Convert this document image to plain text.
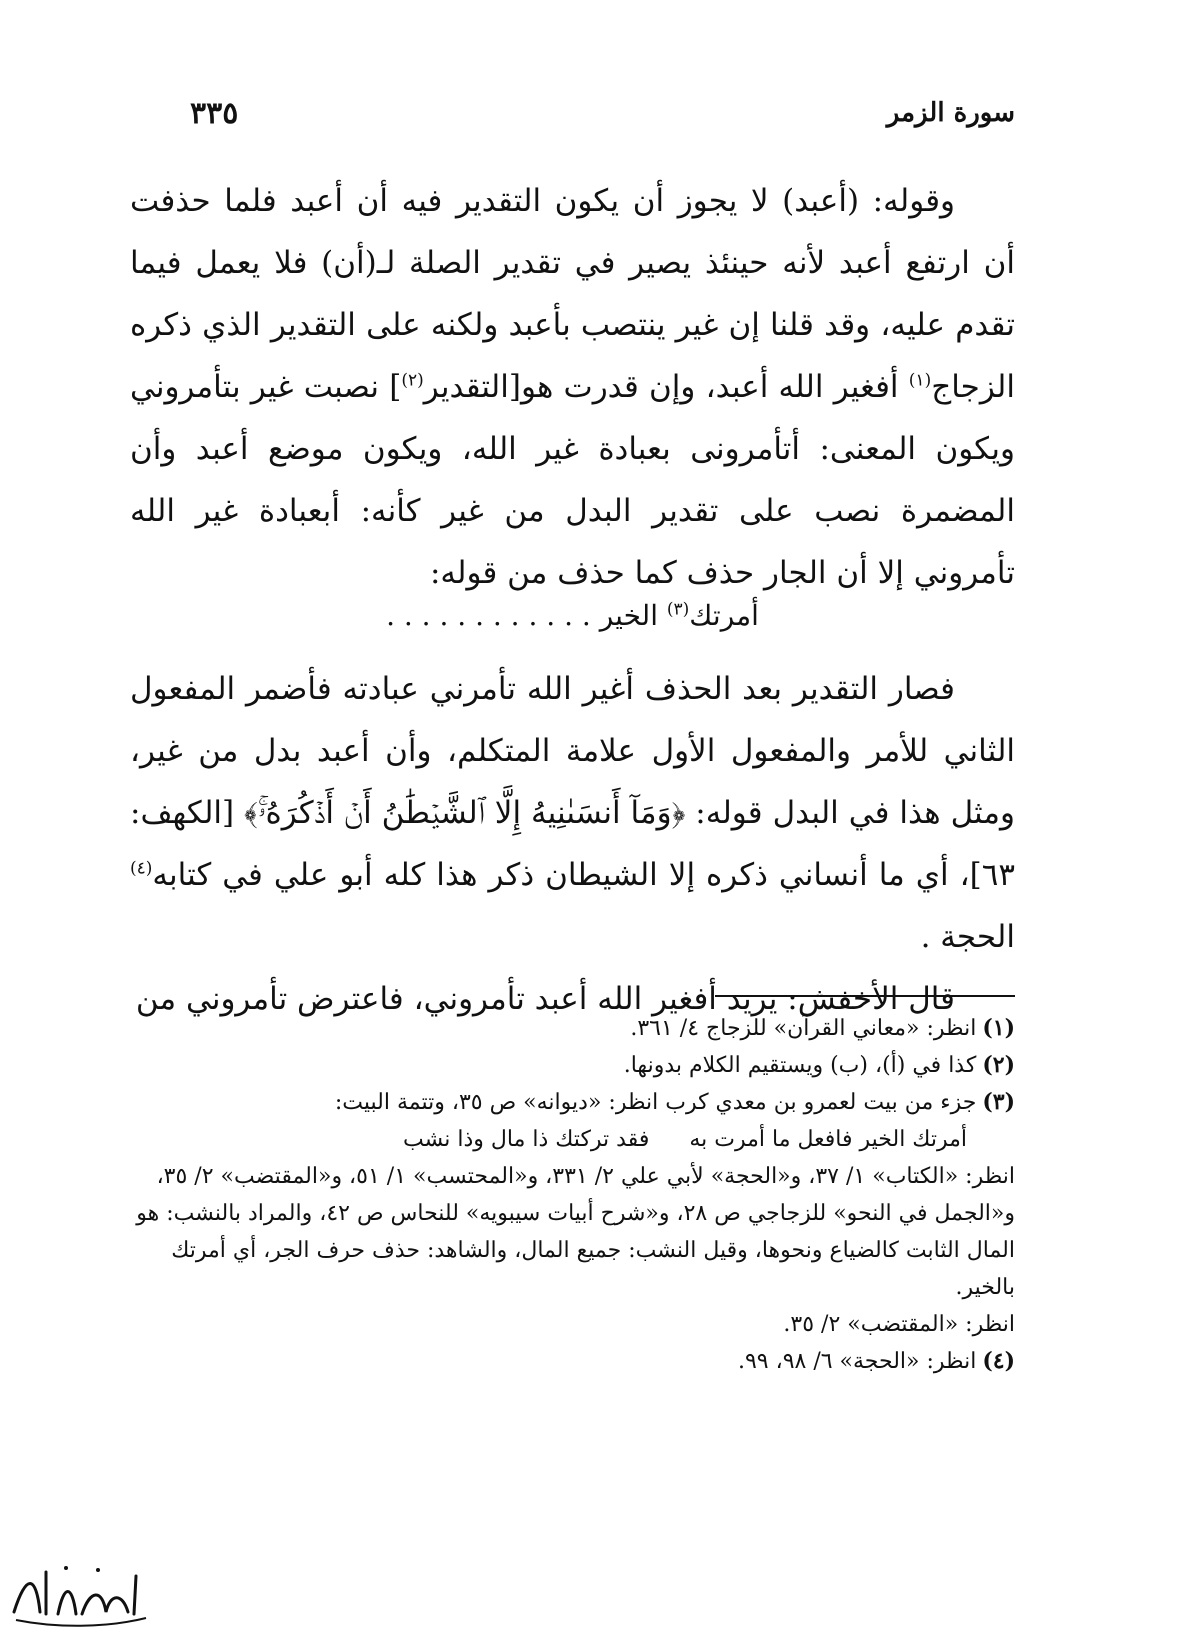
سورة الزمر
٣٣٥

وقوله: (أعبد) لا يجوز أن يكون التقدير فيه أن أعبد فلما حذفت أن ارتفع أعبد لأنه حينئذ يصير في تقدير الصلة لـ(أن) فلا يعمل فيما تقدم عليه، وقد قلنا إن غير ينتصب بأعبد ولكنه على التقدير الذي ذكره الزجاج$^{(١)}$ أفغير الله أعبد، وإن قدرت هو[التقدير$^{(٢)}$] نصبت غير بتأمروني ويكون المعنى: أتأمرونى بعبادة غير الله، ويكون موضع أعبد وأن المضمرة نصب على تقدير البدل من غير كأنه: أبعبادة غير الله تأمروني إلا أن الجار حذف كما حذف من قوله:

أمرتك$^{(٣)}$ الخير . . . . . . . . . . . .

فصار التقدير بعد الحذف أغير الله تأمرني عبادته فأضمر المفعول الثاني للأمر والمفعول الأول علامة المتكلم، وأن أعبد بدل من غير، ومثل هذا في البدل قوله: ﴿وَمَآ أَنسَىٰنِيهُ إِلَّا ٱلشَّيۡطَٰنُ أَنۡ أَذۡكُرَهُۥۚ﴾ [الكهف: ٦٣]، أي ما أنساني ذكره إلا الشيطان ذكر هذا كله أبو علي في كتابه$^{(٤)}$ الحجة .

قال الأخفش: يريد أفغير الله أعبد تأمروني، فاعترض تأمروني من

(١)انظر: «معاني القرآن» للزجاج ٤/ ٣٦١.

(٢)كذا في (أ)، (ب) ويستقيم الكلام بدونها.

(٣)جزء من بيت لعمرو بن معدي كرب انظر: «ديوانه» ص ٣٥، وتتمة البيت:

أمرتك الخير فافعل ما أمرت به
فقد تركتك ذا مال وذا نشب

انظر: «الكتاب» ١/ ٣٧، و«الحجة» لأبي علي ٢/ ٣٣١، و«المحتسب» ١/ ٥١، و«المقتضب» ٢/ ٣٥، و«الجمل في النحو» للزجاجي ص ٢٨، و«شرح أبيات سيبويه» للنحاس ص ٤٢، والمراد بالنشب: هو المال الثابت كالضياع ونحوها، وقيل النشب: جميع المال، والشاهد: حذف حرف الجر، أي أمرتك بالخير.

انظر: «المقتضب» ٢/ ٣٥.

(٤)انظر: «الحجة» ٦/ ٩٨، ٩٩.
